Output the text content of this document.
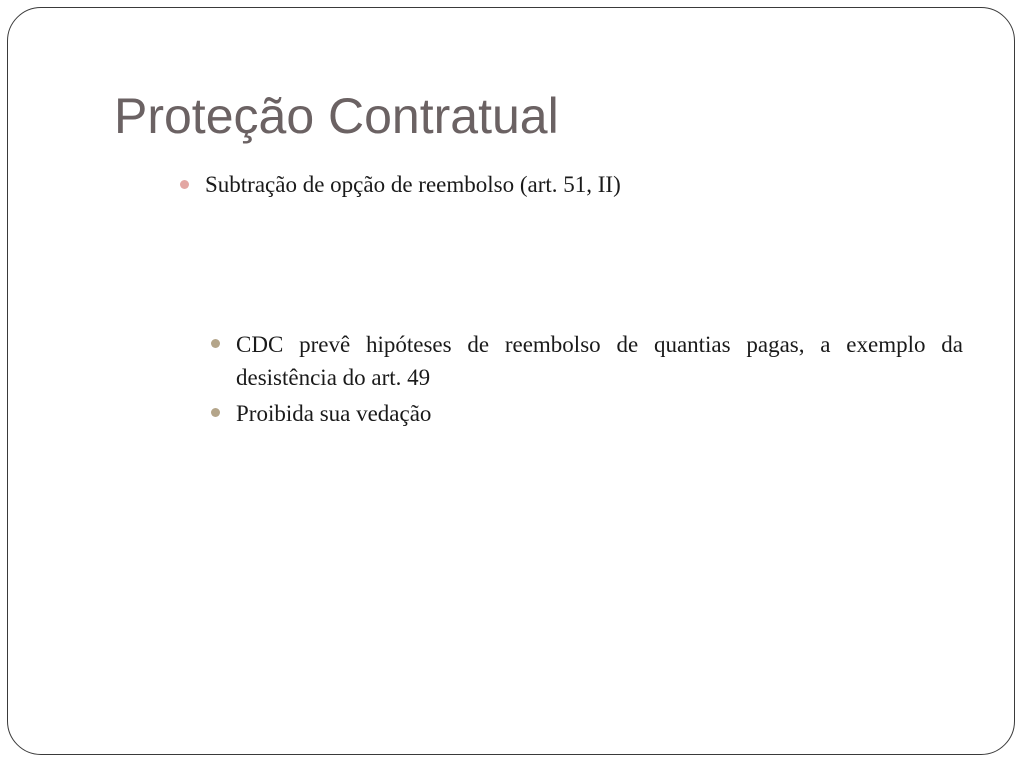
Proteção Contratual
Subtração de opção de reembolso (art. 51, II)
CDC prevê hipóteses de reembolso de quantias pagas, a exemplo da desistência do art. 49
Proibida sua vedação
